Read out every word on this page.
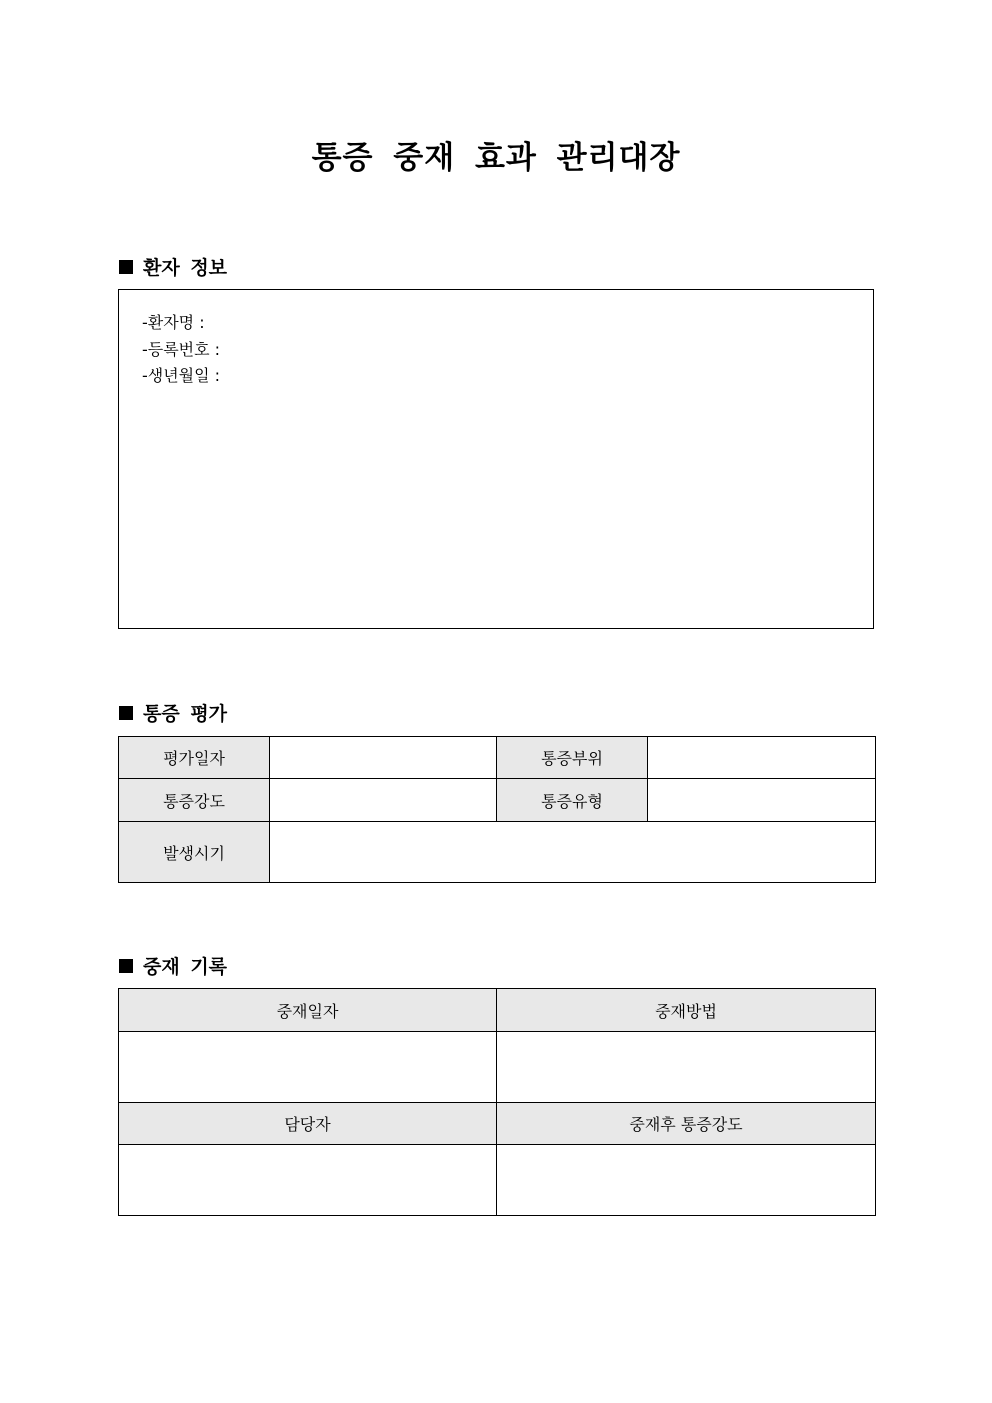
통증 중재 효과 관리대장
환자 정보
-환자명 :
-등록번호 :
-생년월일 :
통증 평가
평가일자		통증부위	
통증강도		통증유형	
발생시기			
중재 기록
중재일자	중재방법

담당자	중재후 통증강도
